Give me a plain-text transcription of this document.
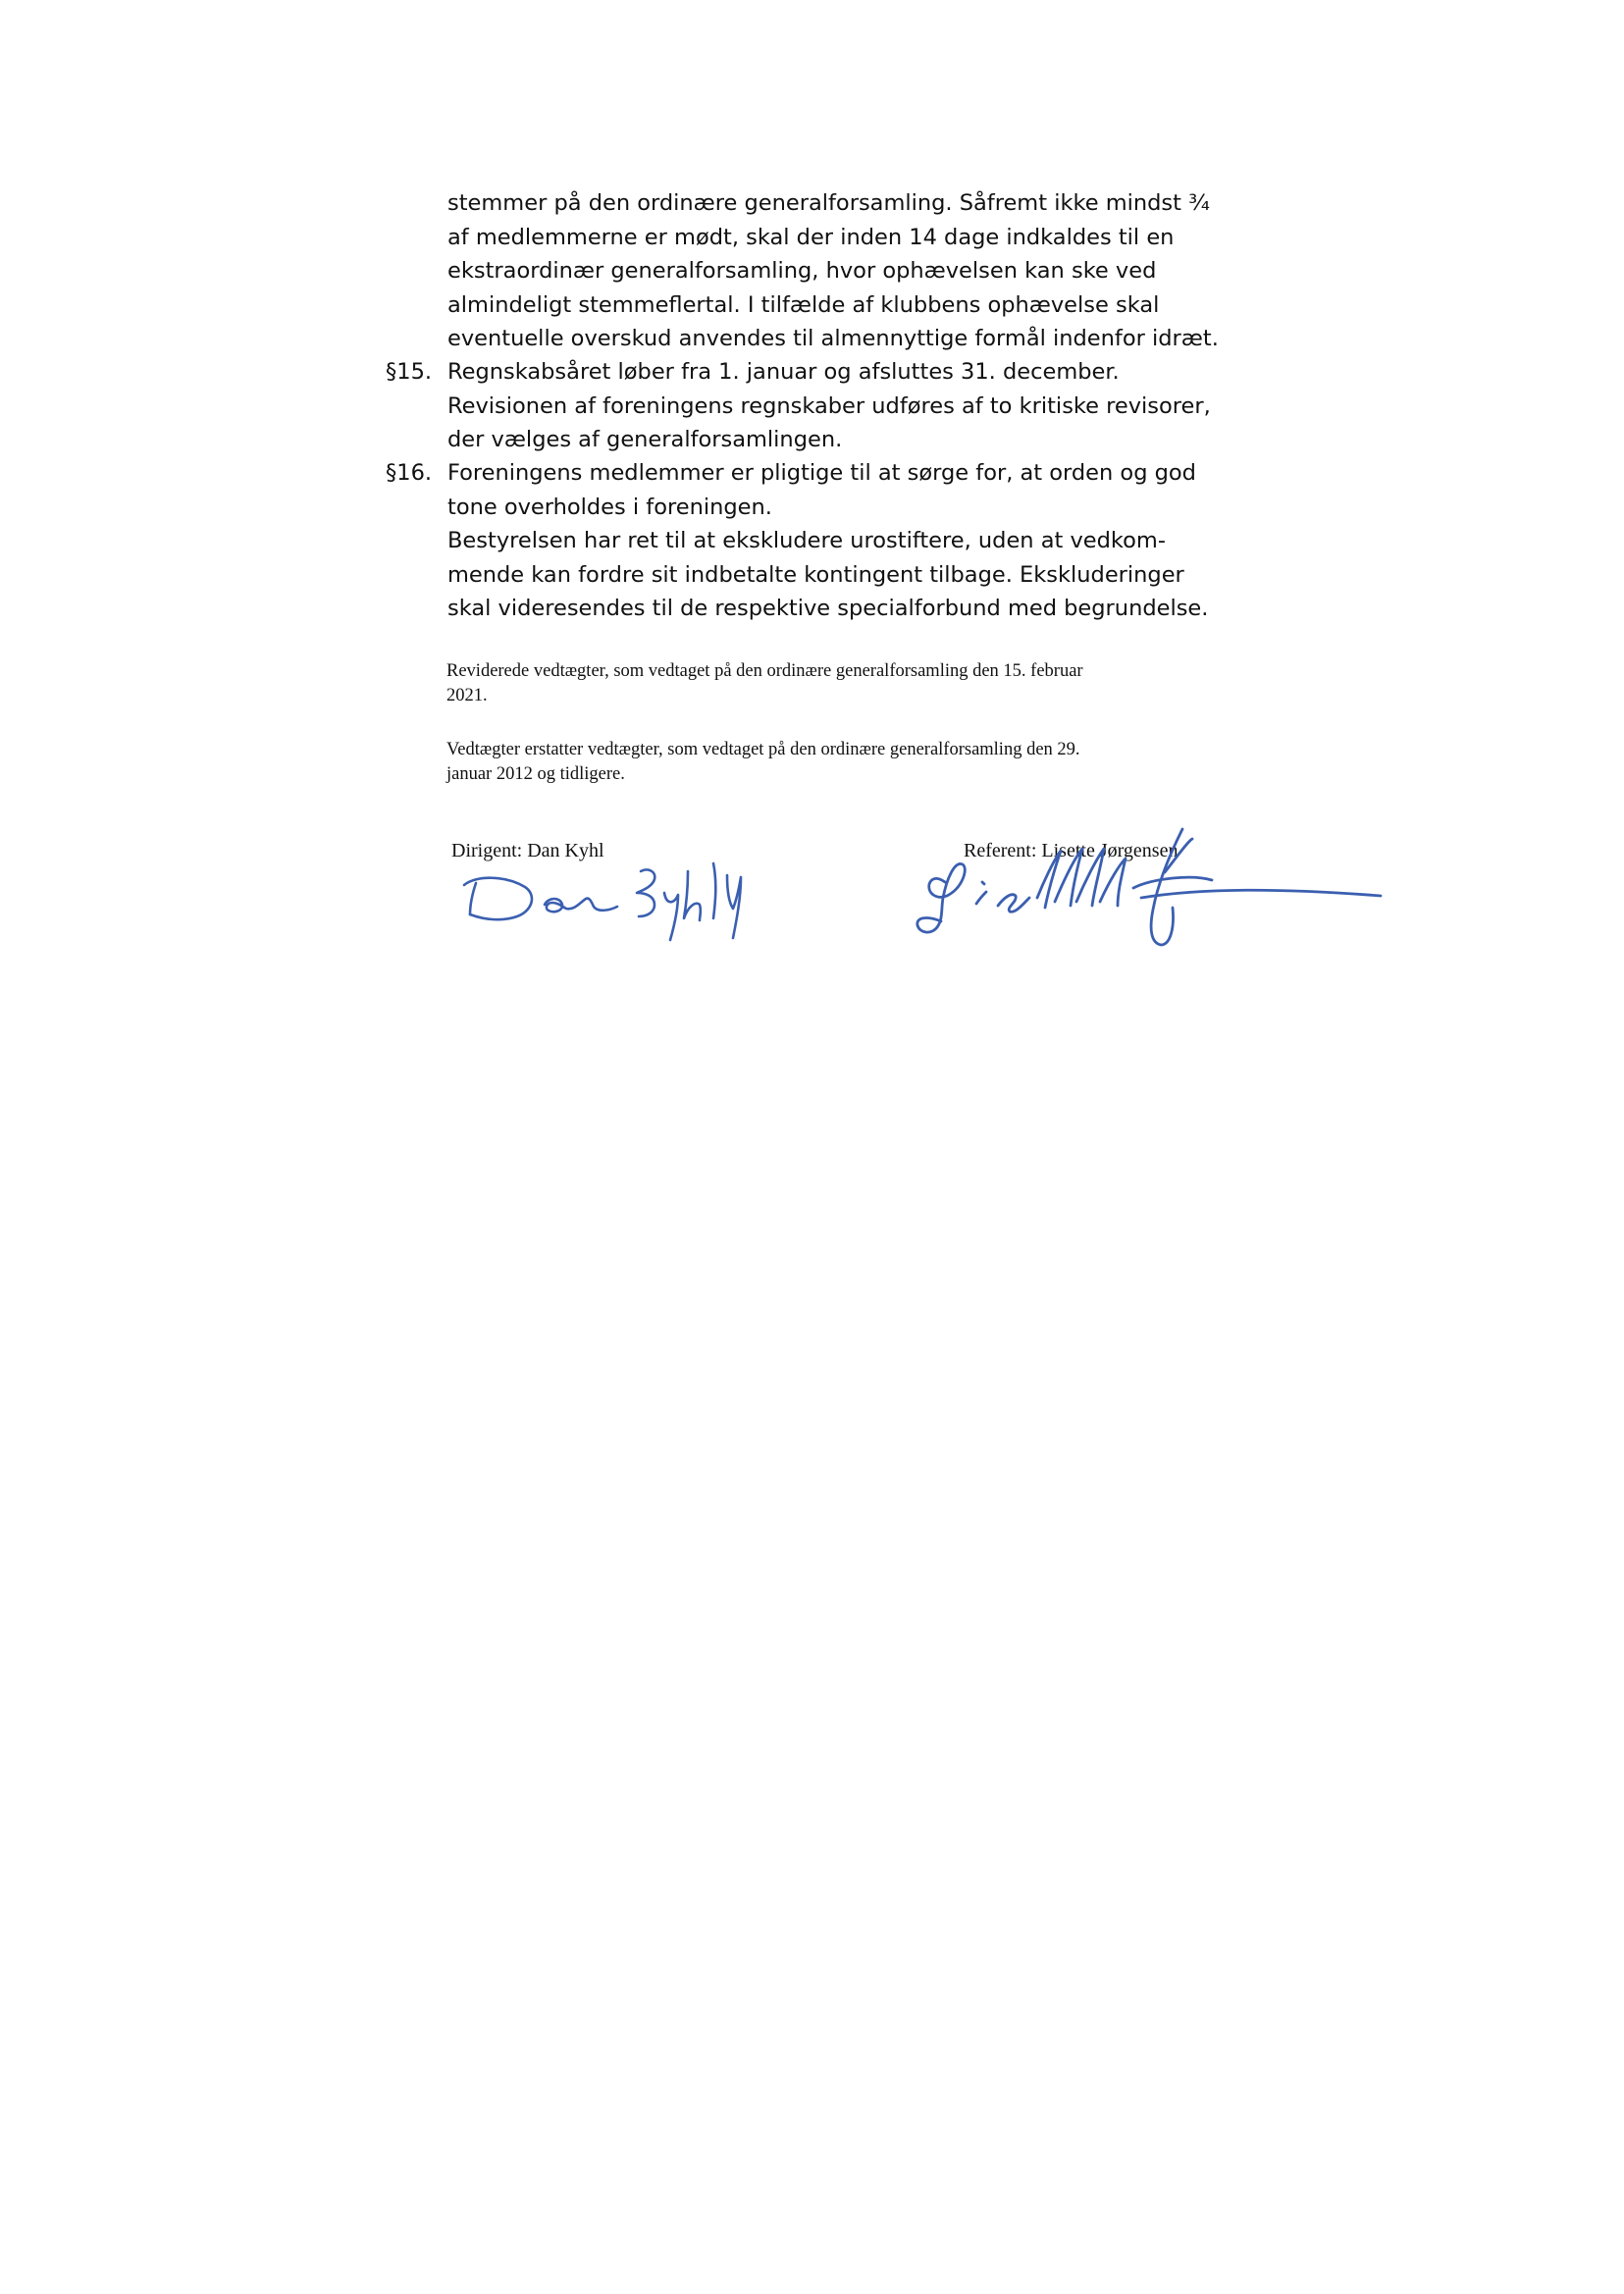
stemmer på den ordinære generalforsamling. Såfremt ikke mindst ¾
af medlemmerne er mødt, skal der inden 14 dage indkaldes til en
ekstraordinær generalforsamling, hvor ophævelsen kan ske ved
almindeligt stemmeflertal. I tilfælde af klubbens ophævelse skal
eventuelle overskud anvendes til almennyttige formål indenfor idræt.
§15. Regnskabsåret løber fra 1. januar og afsluttes 31. december.
Revisionen af foreningens regnskaber udføres af to kritiske revisorer,
der vælges af generalforsamlingen.
§16. Foreningens medlemmer er pligtige til at sørge for, at orden og god
tone overholdes i foreningen.
Bestyrelsen har ret til at ekskludere urostiftere, uden at vedkom-
mende kan fordre sit indbetalte kontingent tilbage. Ekskluderinger
skal videresendes til de respektive specialforbund med begrundelse.
Reviderede vedtægter, som vedtaget på den ordinære generalforsamling den 15. februar
2021.
Vedtægter erstatter vedtægter, som vedtaget på den ordinære generalforsamling den 29.
januar 2012 og tidligere.
Dirigent: Dan Kyhl	Referent: Lisette Jørgensen
